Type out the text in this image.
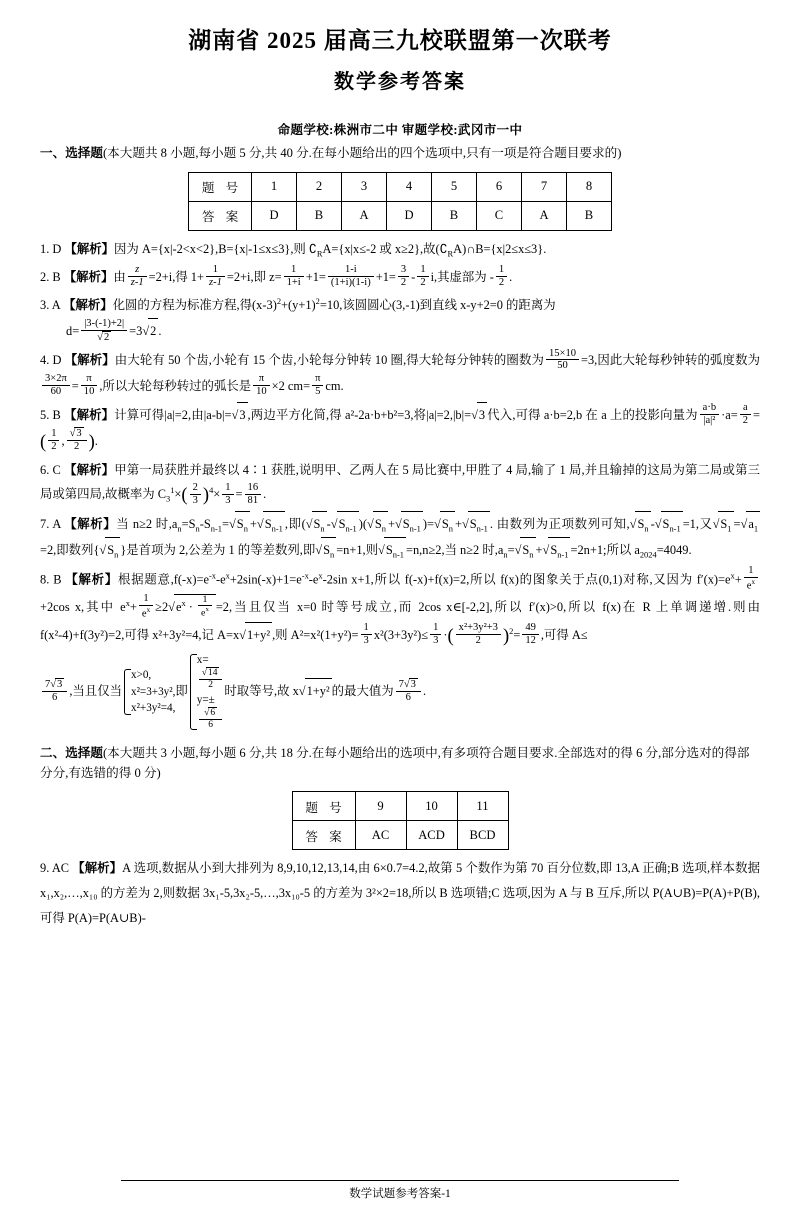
湖南省 2025 届高三九校联盟第一次联考
数学参考答案
命题学校:株洲市二中 审题学校:武冈市一中
一、选择题(本大题共 8 小题,每小题 5 分,共 40 分.在每小题给出的四个选项中,只有一项是符合题目要求的)
题 号	1	2	3	4	5	6	7	8
答 案	D	B	A	D	B	C	A	B
1. D 【解析】因为 A={x|-2<x<2},B={x|-1≤x≤3},则 $∁_RA=\{x|x\le-2$ 或 x≥2},故$(∁_RA)\cap B=\{x|2\le x\le 3\}$.
2. B 【解析】由 $\frac{z}{z-1} =2+i$,得 $1+ \frac{1}{z-1} =2+i$,即 $z= \frac{1}{1+i} +1= \frac{1-i}{(1+i)(1-i)} +1= \frac{3}{2} - \frac{1}{2} i$,其虚部为 - $\frac{1}{2}$ .
3. A 【解析】化圆的方程为标准方程,得$(x-3)^2+(y+1)^2=10$,该圆圆心(3,-1)到直线 x-y+2=0 的距离为
$d= \frac{|3-(-1)+2|}{√2} =3√2$ .
4. D 【解析】由大轮有 50 个齿,小轮有 15 个齿,小轮每分钟转 10 圈,得大轮每分钟转的圈数为 $\frac{15\times 10}{50} =3$,因此大轮每秒钟转的弧度数为
$\frac{3\times 2\pi}{60} = \frac{\pi}{10}$ ,所以大轮每秒转过的弧长是 $\frac{\pi}{10} \times 2$ $cm= \frac{\pi}{5}$ cm.
5. B 【解析】计算可得|a|=2,由|a-b|=√3 ,两边平方化简,得 a²-2a·b+b²=3,将|a|=2,|b|=√3 代入,可得 a·b=2,b 在 a 上的投影向量为 $\frac{a\cdot b}{\text{|a|²}} \cdot a= \frac{a}{2}$ =( $\frac{1}{2}$ , $\frac{√3}{2}$ ).
6. C 【解析】甲第一局获胜并最终以 4∶1 获胜,说明甲、乙两人在 5 局比赛中,甲胜了 4 局,输了 1 局,并且输掉的这局为第二局或第三局或第四局,故概率为 $C_3^1\times( \frac{2}{3} )^4\times \frac{1}{3} = \frac{16}{81}$ .
7. A 【解析】当 n≥2 时$,a_n=S_n-S_{n-1}=√S_n +√S_{n-1}$ ,即($√S_n$ $-√S_{n-1}$ )($√S_n +√S_{n-1}$ )$=√S_n +√S_{n-1}$ . 由数列为正项数列可知$,√S_n$ $-√S_{n-1} =1$,又$√S_1 =√a_1=2$,即数列{$√S_n$ }是首项为 2,公差为 1 的等差数列,即$√S_n =n+1$,则$√S_{n-1} =n,n\ge 2$,当 n≥2 时$,a_n=√S_n +√S_{n-1} =2n+1$;所以 $a_{2024}=4049$.
8. B 【解析】根据题意$,f(-x)=e^{-x}-e^x+2\sin(-x)+1=e^{-x}-e^x-2\sin$ x+1,所以 f(-x)+f(x)=2,所以 f(x)的图象关于点(0,1)对称,又因为 $f'(x)=e^x+ \frac{1}{e^x}$
+2cos x,其中 $e^x+ \frac{1}{e^x} \ge 2√e^x \cdot \frac{1}{e^x} =2$,当且仅当 x=0 时等号成立,而 2cos x∈[-2,2],所以 f′(x)>0,所以 f(x)在 R 上单调递增.则由 f(x²-4)+f(3y²)=2,可得 x²+3y²=4,记 A=x√1+y² ,则 $A^2=x^2(1+y^2)= \frac{1}{3} x^2(3+3y^2)\le \frac{1}{3}$ ·( $\frac{\text{x²+3y²+3}}{2} )^2= \frac{49}{12}$ ,可得 A≤
$\frac{7√3}{6}$ ,当且仅当
x>0,
x²=3+3y²,
x²+3y²=4,
即
x=
√14
2
y=±
√6
6
时取等号,故 x√1+y² 的最大值为 $\frac{7√3}{6}$ .
二、选择题(本大题共 3 小题,每小题 6 分,共 18 分.在每小题给出的选项中,有多项符合题目要求.全部选对的得 6 分,部分选对的得部分分,有选错的得 0 分)
题 号	9	10	11
答 案	AC	ACD	BCD
9. AC 【解析】A 选项,数据从小到大排列为 8,9,10,12,13,14,由 6×0.7=4.2,故第 5 个数作为第 70 百分位数,即 13,A 正确;B 选项,样本数据 x₁,x₂,…,x₁₀ 的方差为 2,则数据 3x₁-5,3x₂-5,…,3x₁₀-5 的方差为 3²×2=18,所以 B 选项错;C 选项,因为 A 与 B 互斥,所以 P(A∪B)=P(A)+P(B),可得 P(A)=P(A∪B)-
数学试题参考答案-1
